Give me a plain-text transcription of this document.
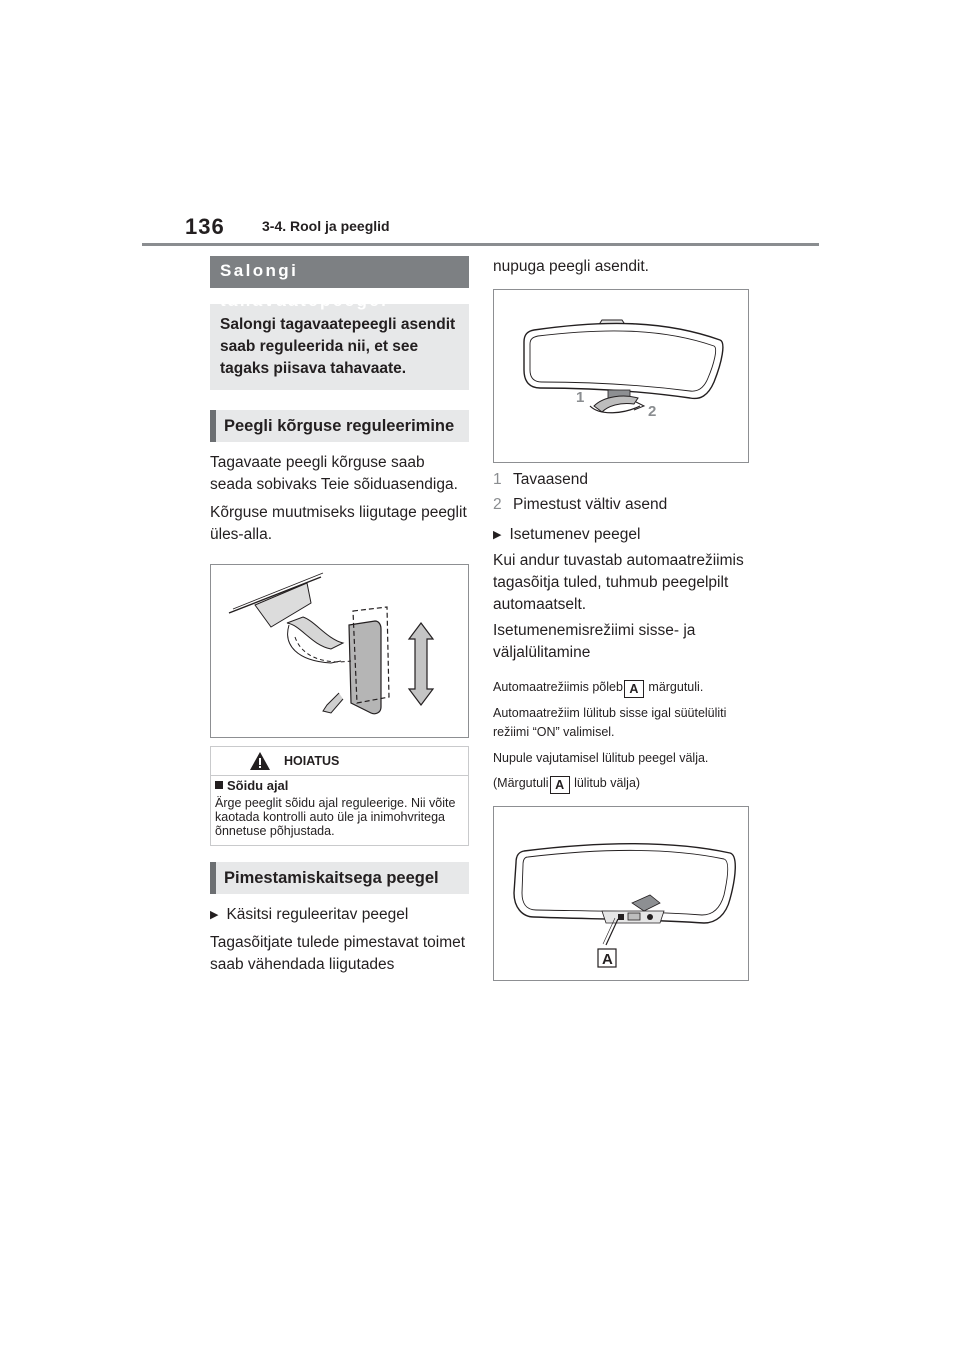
136	3-4. Rool ja peeglid
Salongi tahavaatepeegel
Salongi tagavaatepeegli asendit saab reguleerida nii, et see tagaks piisava tahavaate.
Peegli kõrguse reguleerimine
Tagavaate peegli kõrguse saab seada sobivaks Teie sõiduasendiga.
Kõrguse muutmiseks liigutage peeglit üles-alla.
HOIATUS
Sõidu ajal
Ärge peeglit sõidu ajal reguleerige. Nii võite kaotada kontrolli auto üle ja inimohvritega õnnetuse põhjustada.
Pimestamiskaitsega peegel
▶ Käsitsi reguleeritav peegel
Tagasõitjate tulede pimestavat toimet saab vähendada liigutades
nupuga peegli asendit.
1
2
1 Tavaasend
2 Pimestust vältiv asend
▶ Isetumenev peegel
Kui andur tuvastab automaatrežiimis tagasõitja tuled, tuhmub peegelpilt automaatselt.
Isetumenemisrežiimi sisse- ja väljalülitamine
Automaatrežiimis põleb A märgutuli.
Automaatrežiim lülitub sisse igal süütelüliti režiimi “ON” valimisel.
Nupule vajutamisel lülitub peegel välja.
(Märgutuli A lülitub välja)
A
